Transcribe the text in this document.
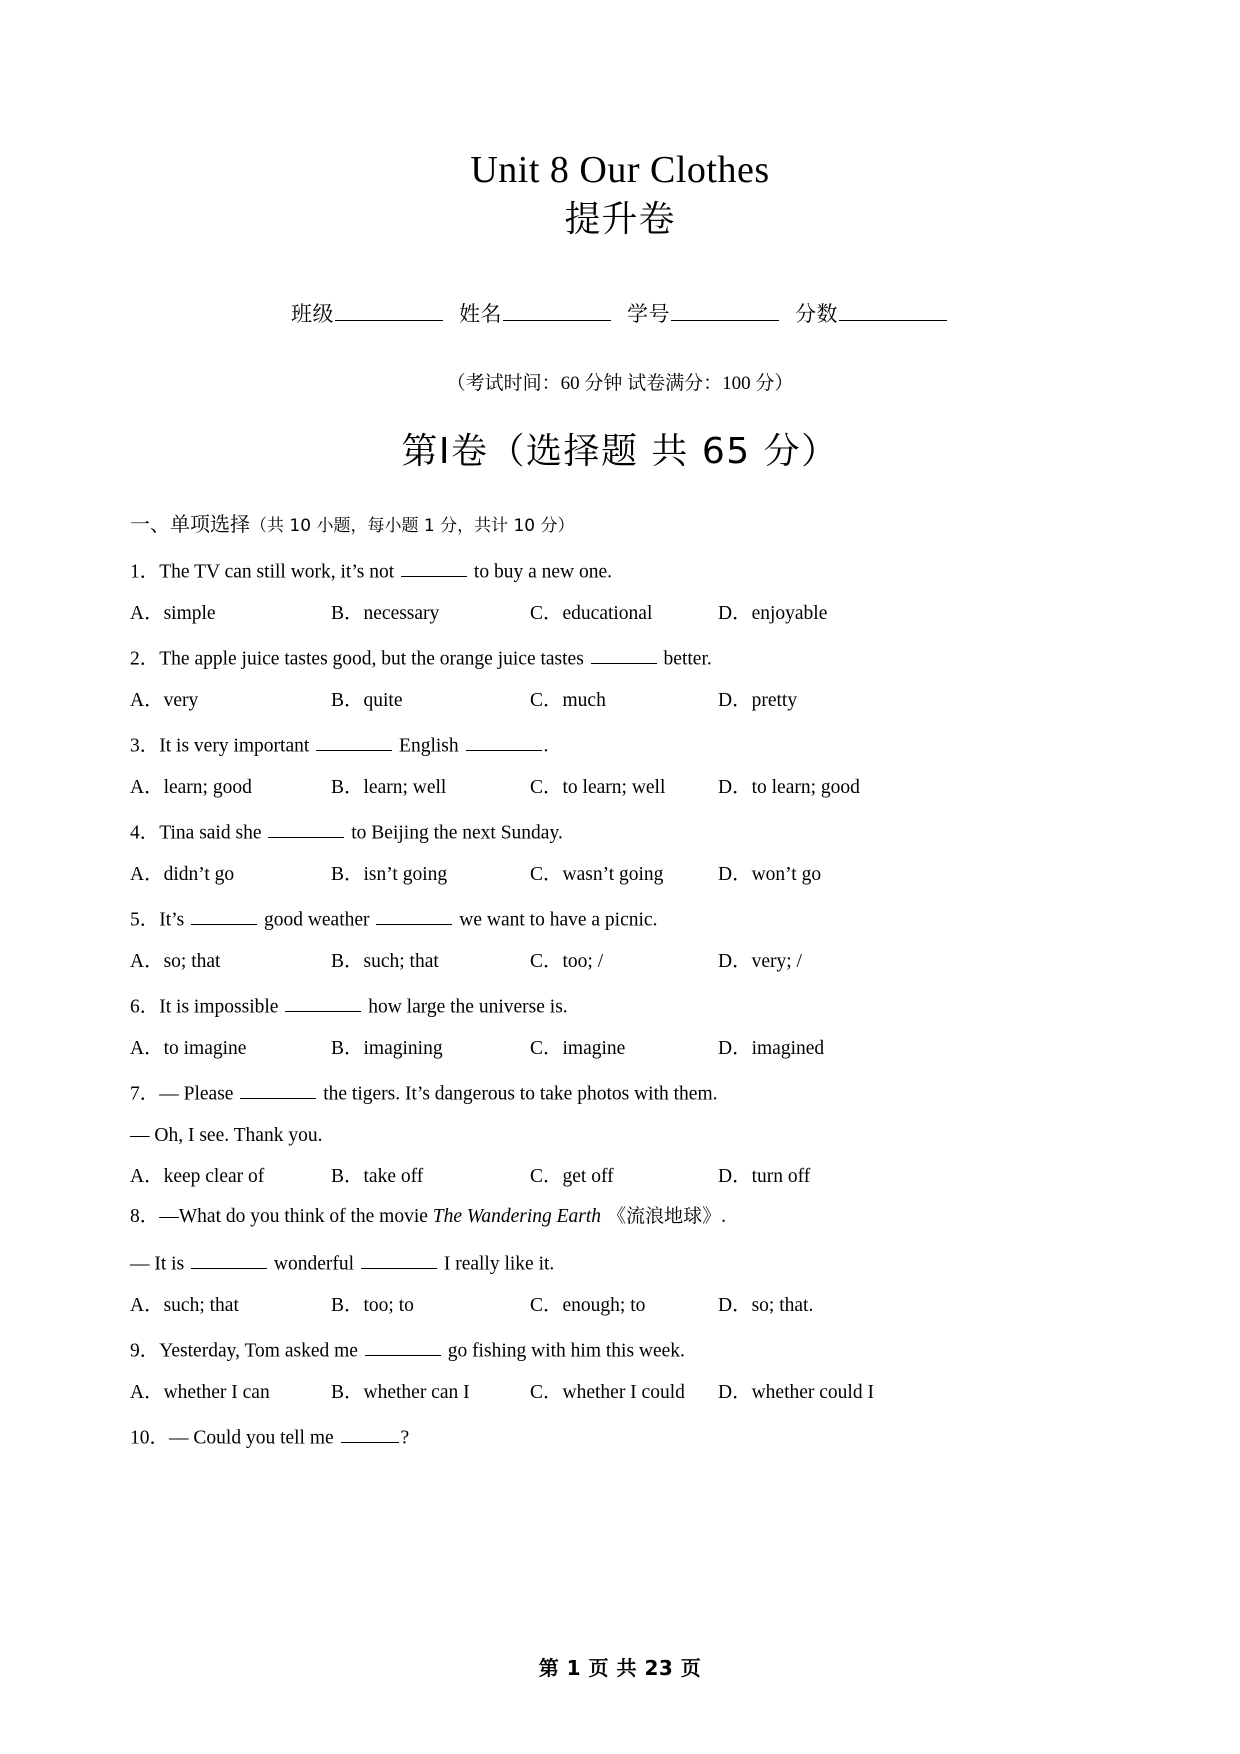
Unit 8 Our Clothes
提升卷
班级	姓名	学号	分数
（考试时间：60 分钟 试卷满分：100 分）
第Ⅰ卷（选择题 共 65 分）
一、单项选择（共 10 小题，每小题 1 分，共计 10 分）
1．The TV can still work, it’s not	to buy a new one.
A．simple	B．necessary	C．educational	D．enjoyable
2．The apple juice tastes good, but the orange juice tastes	better.
A．very	B．quite	C．much	D．pretty
3．It is very important	English	.
A．learn; good	B．learn; well	C．to learn; well	D．to learn; good
4．Tina said she	to Beijing the next Sunday.
A．didn’t go	B．isn’t going	C．wasn’t going	D．won’t go
5．It’s	good weather	we want to have a picnic.
A．so; that	B．such; that	C．too; /	D．very; /
6．It is impossible	how large the universe is.
A．to imagine	B．imagining	C．imagine	D．imagined
7．— Please	the tigers. It’s dangerous to take photos with them.
— Oh, I see. Thank you.
A．keep clear of	B．take off	C．get off	D．turn off
8．—What do you think of the movie The Wandering Earth 《流浪地球》.
— It is	wonderful	I really like it.
A．such; that	B．too; to	C．enough; to	D．so; that.
9．Yesterday, Tom asked me	go fishing with him this week.
A．whether I can	B．whether can I	C．whether I could D．whether could I
10．— Could you tell me	?
第 1 页 共 23 页
